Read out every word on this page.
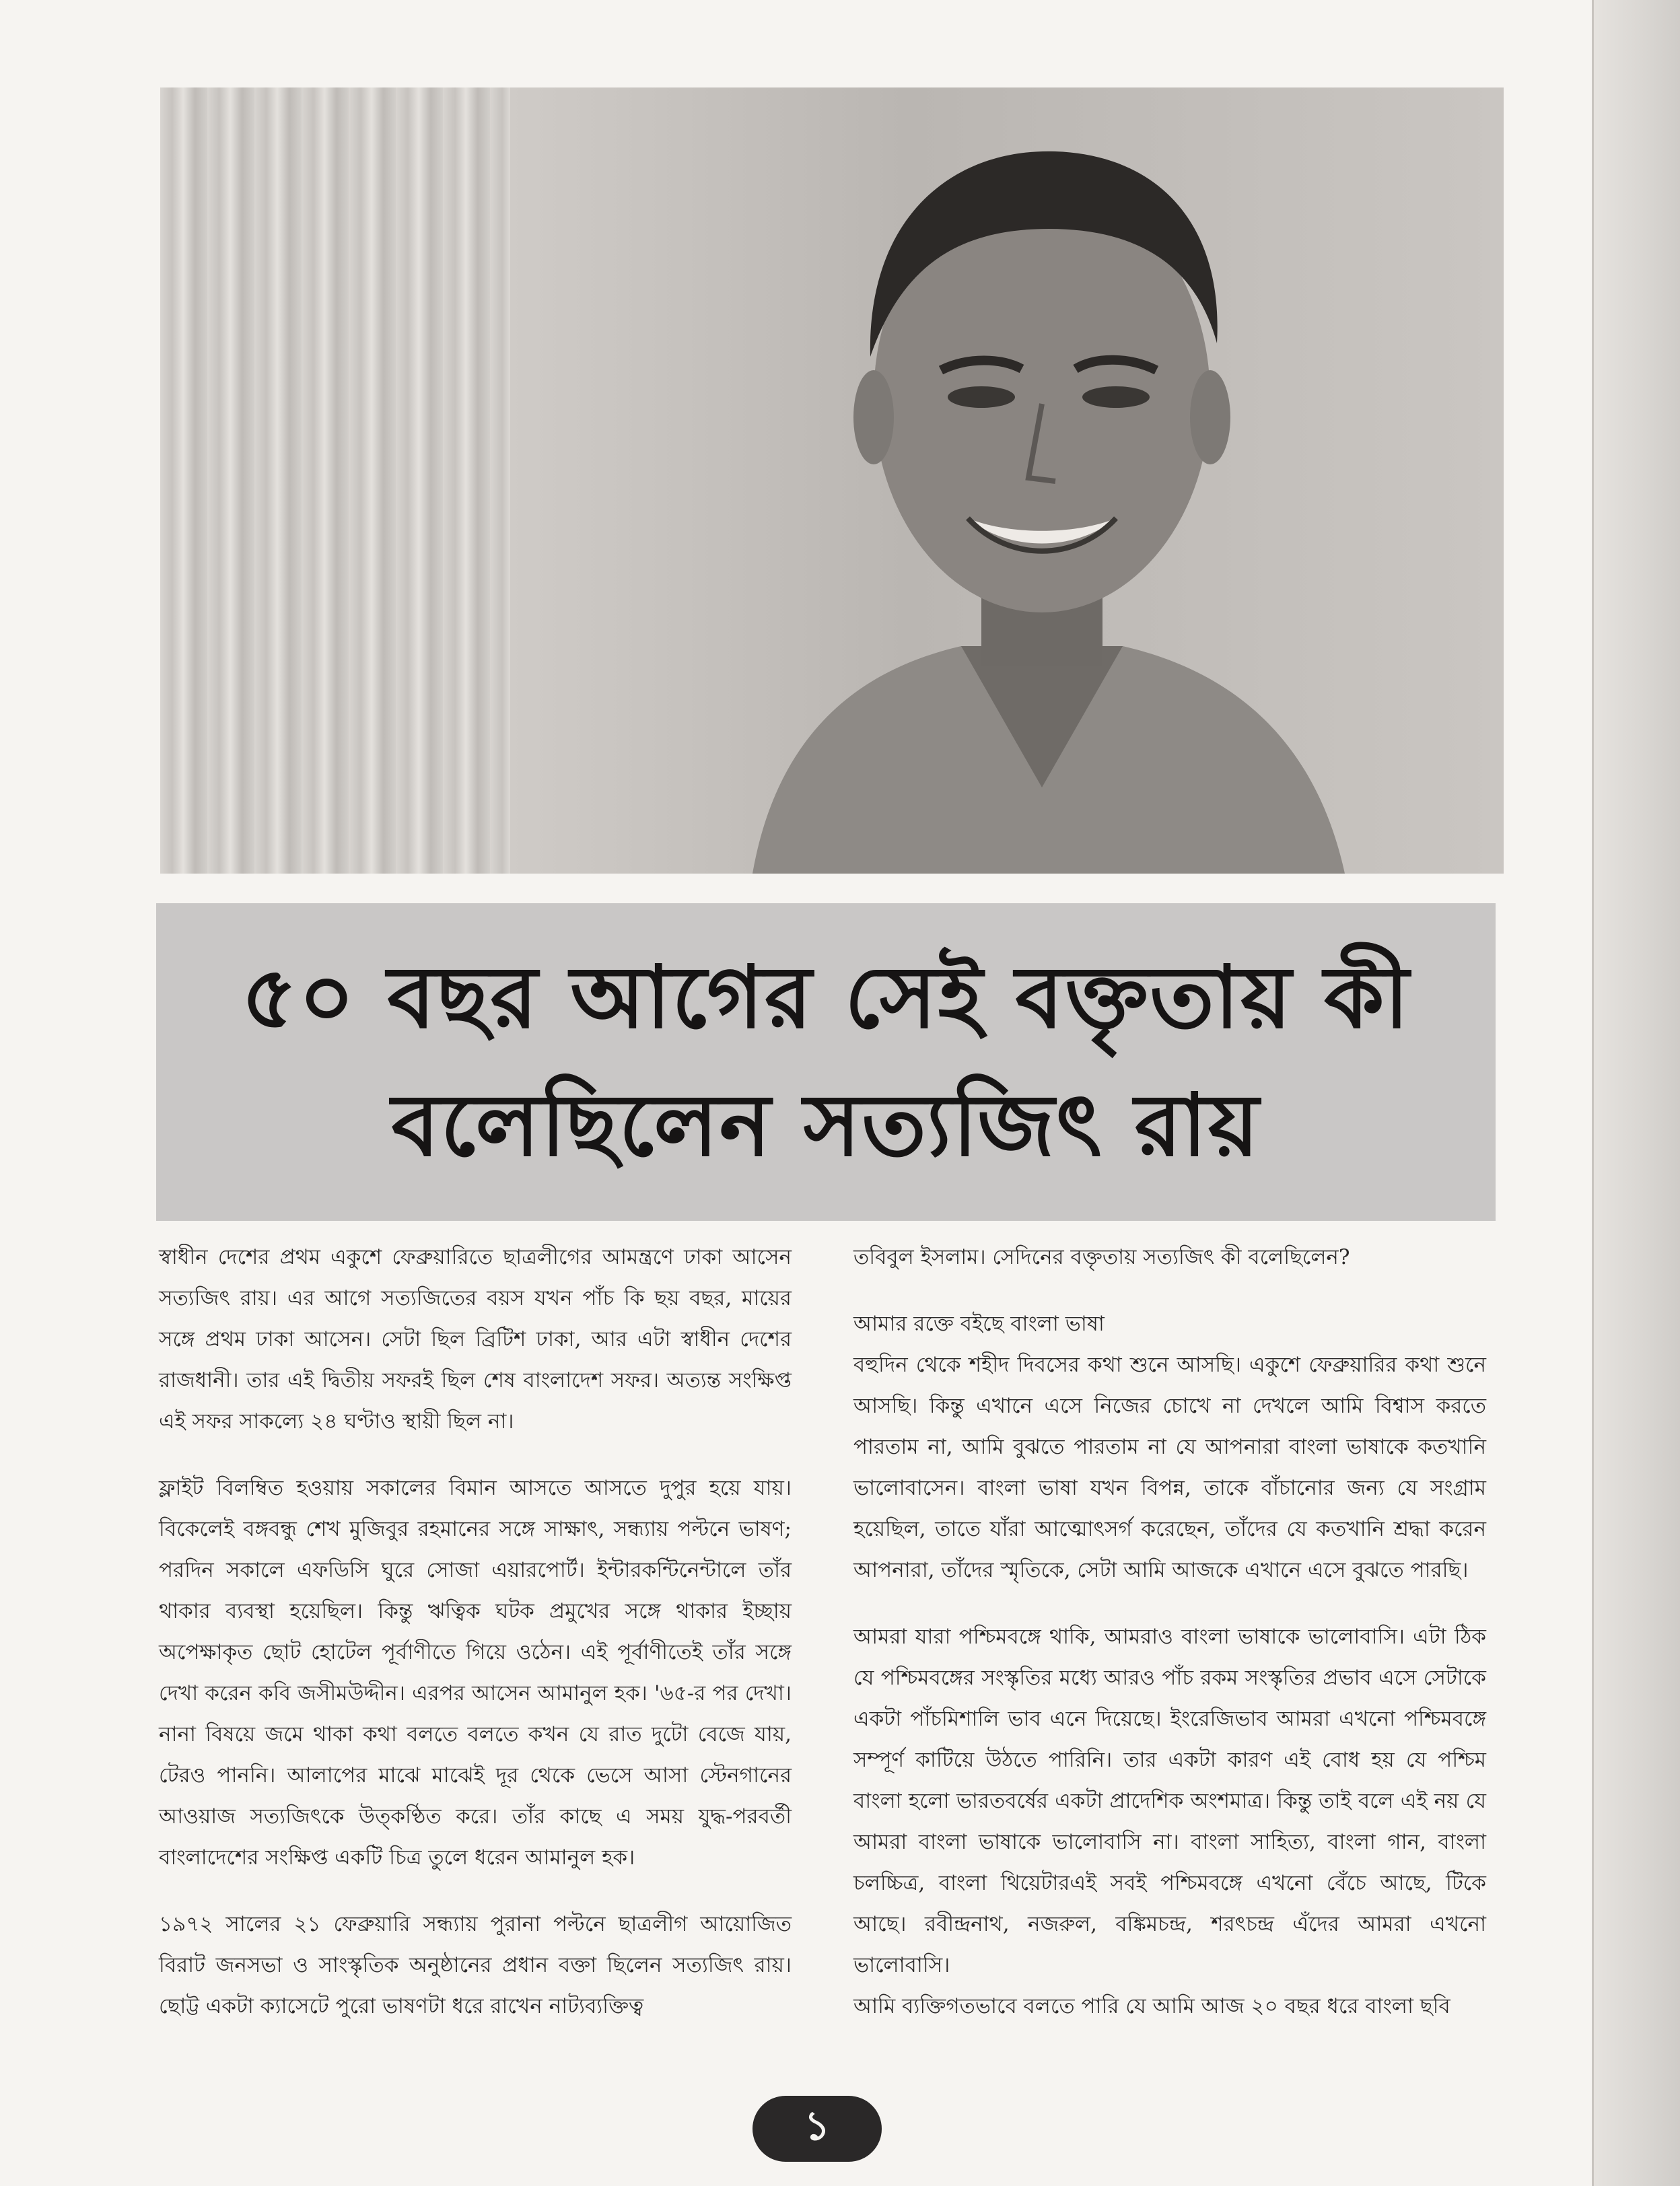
৫০ বছর আগের সেই বক্তৃতায় কী
বলেছিলেন সত্যজিৎ রায়

স্বাধীন দেশের প্রথম একুশে ফেব্রুয়ারিতে ছাত্রলীগের আমন্ত্রণে ঢাকা আসেন সত্যজিৎ রায়। এর আগে সত্যজিতের বয়স যখন পাঁচ কি ছয় বছর, মায়ের সঙ্গে প্রথম ঢাকা আসেন। সেটা ছিল ব্রিটিশ ঢাকা, আর এটা স্বাধীন দেশের রাজধানী। তার এই দ্বিতীয় সফরই ছিল শেষ বাংলাদেশ সফর। অত্যন্ত সংক্ষিপ্ত এই সফর সাকল্যে ২৪ ঘণ্টাও স্থায়ী ছিল না।

ফ্লাইট বিলম্বিত হওয়ায় সকালের বিমান আসতে আসতে দুপুর হয়ে যায়। বিকেলেই বঙ্গবন্ধু শেখ মুজিবুর রহমানের সঙ্গে সাক্ষাৎ, সন্ধ্যায় পল্টনে ভাষণ; পরদিন সকালে এফডিসি ঘুরে সোজা এয়ারপোর্ট। ইন্টারকন্টিনেন্টালে তাঁর থাকার ব্যবস্থা হয়েছিল। কিন্তু ঋত্বিক ঘটক প্রমুখের সঙ্গে থাকার ইচ্ছায় অপেক্ষাকৃত ছোট হোটেল পূর্বাণীতে গিয়ে ওঠেন। এই পূর্বাণীতেই তাঁর সঙ্গে দেখা করেন কবি জসীমউদ্দীন। এরপর আসেন আমানুল হক। '৬৫-র পর দেখা। নানা বিষয়ে জমে থাকা কথা বলতে বলতে কখন যে রাত দুটো বেজে যায়, টেরও পাননি। আলাপের মাঝে মাঝেই দূর থেকে ভেসে আসা স্টেনগানের আওয়াজ সত্যজিৎকে উত্কণ্ঠিত করে। তাঁর কাছে এ সময় যুদ্ধ-পরবর্তী বাংলাদেশের সংক্ষিপ্ত একটি চিত্র তুলে ধরেন আমানুল হক।

১৯৭২ সালের ২১ ফেব্রুয়ারি সন্ধ্যায় পুরানা পল্টনে ছাত্রলীগ আয়োজিত বিরাট জনসভা ও সাংস্কৃতিক অনুষ্ঠানের প্রধান বক্তা ছিলেন সত্যজিৎ রায়। ছোট্ট একটা ক্যাসেটে পুরো ভাষণটা ধরে রাখেন নাট্যব্যক্তিত্ব

তবিবুল ইসলাম। সেদিনের বক্তৃতায় সত্যজিৎ কী বলেছিলেন?

আমার রক্তে বইছে বাংলা ভাষা

বহুদিন থেকে শহীদ দিবসের কথা শুনে আসছি। একুশে ফেব্রুয়ারির কথা শুনে আসছি। কিন্তু এখানে এসে নিজের চোখে না দেখলে আমি বিশ্বাস করতে পারতাম না, আমি বুঝতে পারতাম না যে আপনারা বাংলা ভাষাকে কতখানি ভালোবাসেন। বাংলা ভাষা যখন বিপন্ন, তাকে বাঁচানোর জন্য যে সংগ্রাম হয়েছিল, তাতে যাঁরা আত্মোৎসর্গ করেছেন, তাঁদের যে কতখানি শ্রদ্ধা করেন আপনারা, তাঁদের স্মৃতিকে, সেটা আমি আজকে এখানে এসে বুঝতে পারছি।

আমরা যারা পশ্চিমবঙ্গে থাকি, আমরাও বাংলা ভাষাকে ভালোবাসি। এটা ঠিক যে পশ্চিমবঙ্গের সংস্কৃতির মধ্যে আরও পাঁচ রকম সংস্কৃতির প্রভাব এসে সেটাকে একটা পাঁচমিশালি ভাব এনে দিয়েছে। ইংরেজিভাব আমরা এখনো পশ্চিমবঙ্গে সম্পূর্ণ কাটিয়ে উঠতে পারিনি। তার একটা কারণ এই বোধ হয় যে পশ্চিম বাংলা হলো ভারতবর্ষের একটা প্রাদেশিক অংশমাত্র। কিন্তু তাই বলে এই নয় যে আমরা বাংলা ভাষাকে ভালোবাসি না। বাংলা সাহিত্য, বাংলা গান, বাংলা চলচ্চিত্র, বাংলা থিয়েটারএই সবই পশ্চিমবঙ্গে এখনো বেঁচে আছে, টিকে আছে। রবীন্দ্রনাথ, নজরুল, বঙ্কিমচন্দ্র, শরৎচন্দ্র এঁদের আমরা এখনো ভালোবাসি।

আমি ব্যক্তিগতভাবে বলতে পারি যে আমি আজ ২০ বছর ধরে বাংলা ছবি

১
